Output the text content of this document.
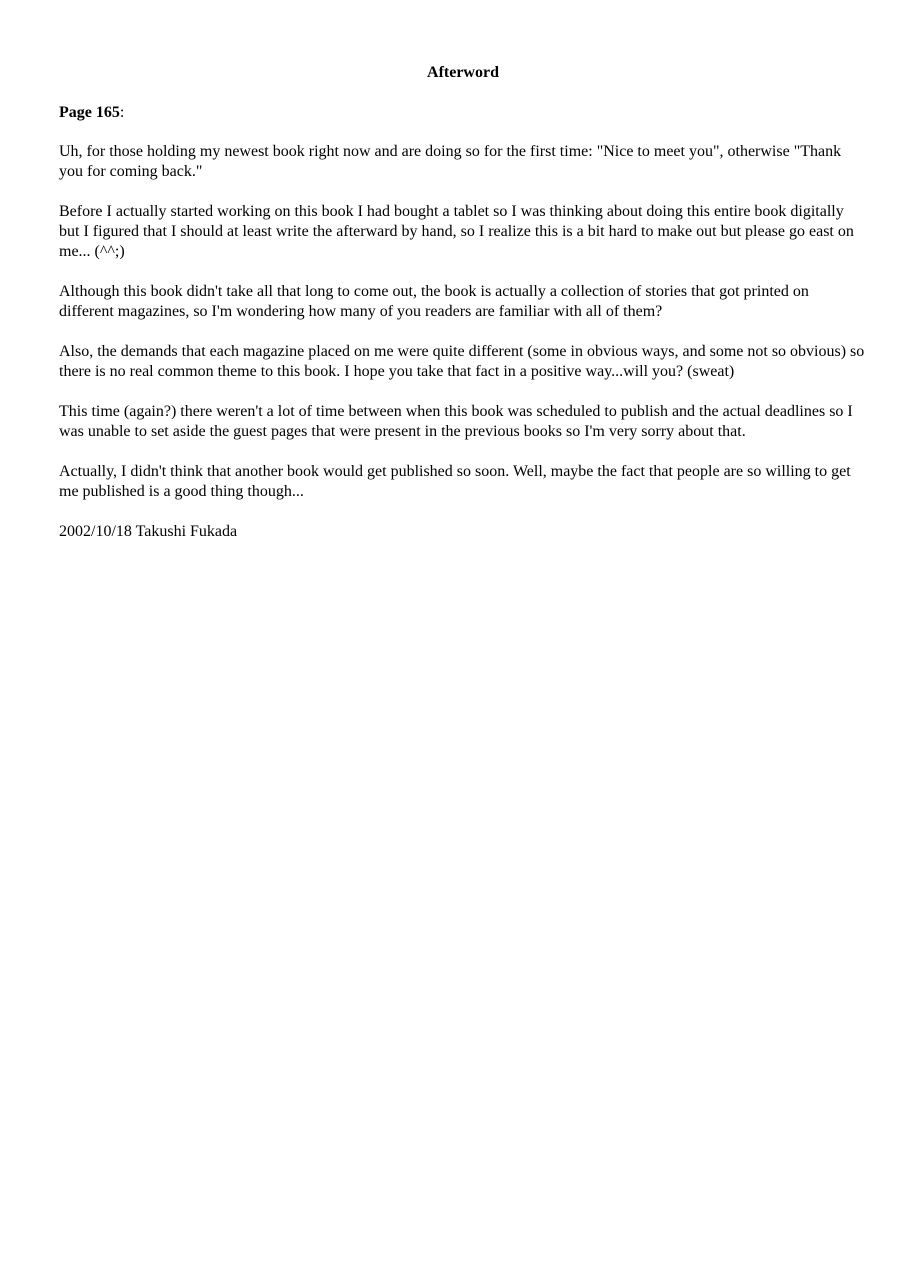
Afterword

Page 165:

Uh, for those holding my newest book right now and are doing so for the first time: "Nice to meet you", otherwise "Thank you for coming back."

Before I actually started working on this book I had bought a tablet so I was thinking about doing this entire book digitally but I figured that I should at least write the afterward by hand, so I realize this is a bit hard to make out but please go east on me... (^^;)

Although this book didn't take all that long to come out, the book is actually a collection of stories that got printed on different magazines, so I'm wondering how many of you readers are familiar with all of them?

Also, the demands that each magazine placed on me were quite different (some in obvious ways, and some not so obvious) so there is no real common theme to this book. I hope you take that fact in a positive way...will you? (sweat)

This time (again?) there weren't a lot of time between when this book was scheduled to publish and the actual deadlines so I was unable to set aside the guest pages that were present in the previous books so I'm very sorry about that.

Actually, I didn't think that another book would get published so soon. Well, maybe the fact that people are so willing to get me published is a good thing though...

2002/10/18 Takushi Fukada
